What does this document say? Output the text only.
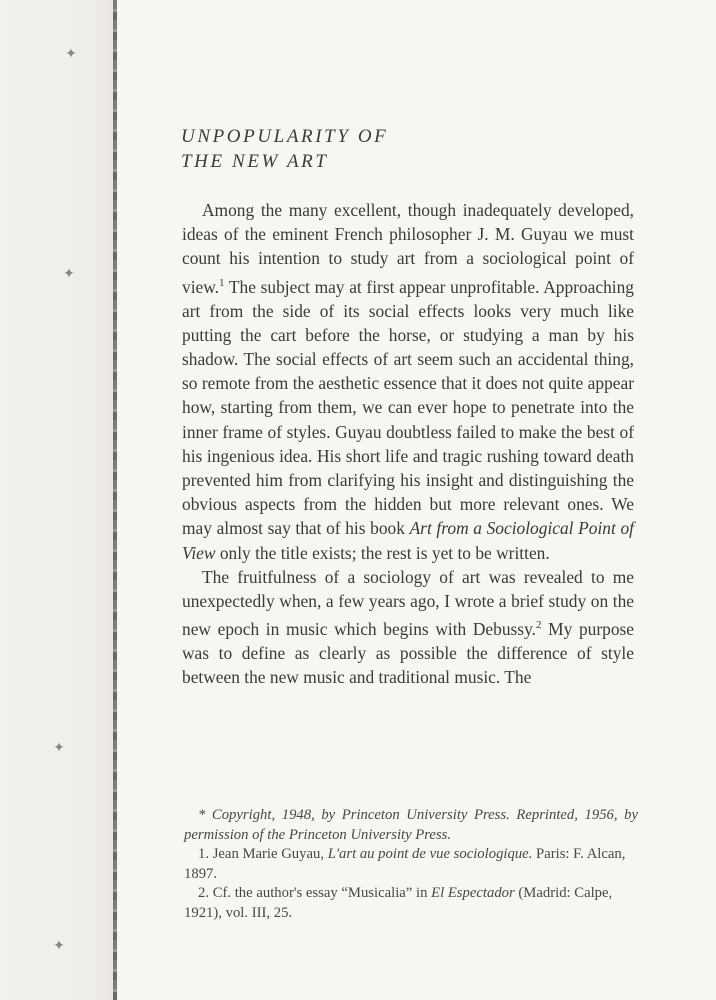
✦
✦
✦
✦
UNPOPULARITY OF
THE NEW ART

Among the many excellent, though inadequately developed, ideas of the eminent French philosopher J. M. Guyau we must count his intention to study art from a sociological point of view.$^1$ The subject may at first appear unprofitable. Approaching art from the side of its social effects looks very much like putting the cart before the horse, or studying a man by his shadow. The social effects of art seem such an accidental thing, so remote from the aesthetic essence that it does not quite appear how, starting from them, we can ever hope to penetrate into the inner frame of styles. Guyau doubtless failed to make the best of his ingenious idea. His short life and tragic rushing toward death prevented him from clarifying his insight and distinguishing the obvious aspects from the hidden but more relevant ones. We may almost say that of his book Art from a Sociological Point of View only the title exists; the rest is yet to be written.

The fruitfulness of a sociology of art was revealed to me unexpectedly when, a few years ago, I wrote a brief study on the new epoch in music which begins with Debussy.$^2$ My purpose was to define as clearly as possible the difference of style between the new music and traditional music. The

* Copyright, 1948, by Princeton University Press. Reprinted, 1956, by permission of the Princeton University Press.

1. Jean Marie Guyau, L'art au point de vue sociologique. Paris: F. Alcan, 1897.

2. Cf. the author's essay “Musicalia” in El Espectador (Madrid: Calpe, 1921), vol. III, 25.
